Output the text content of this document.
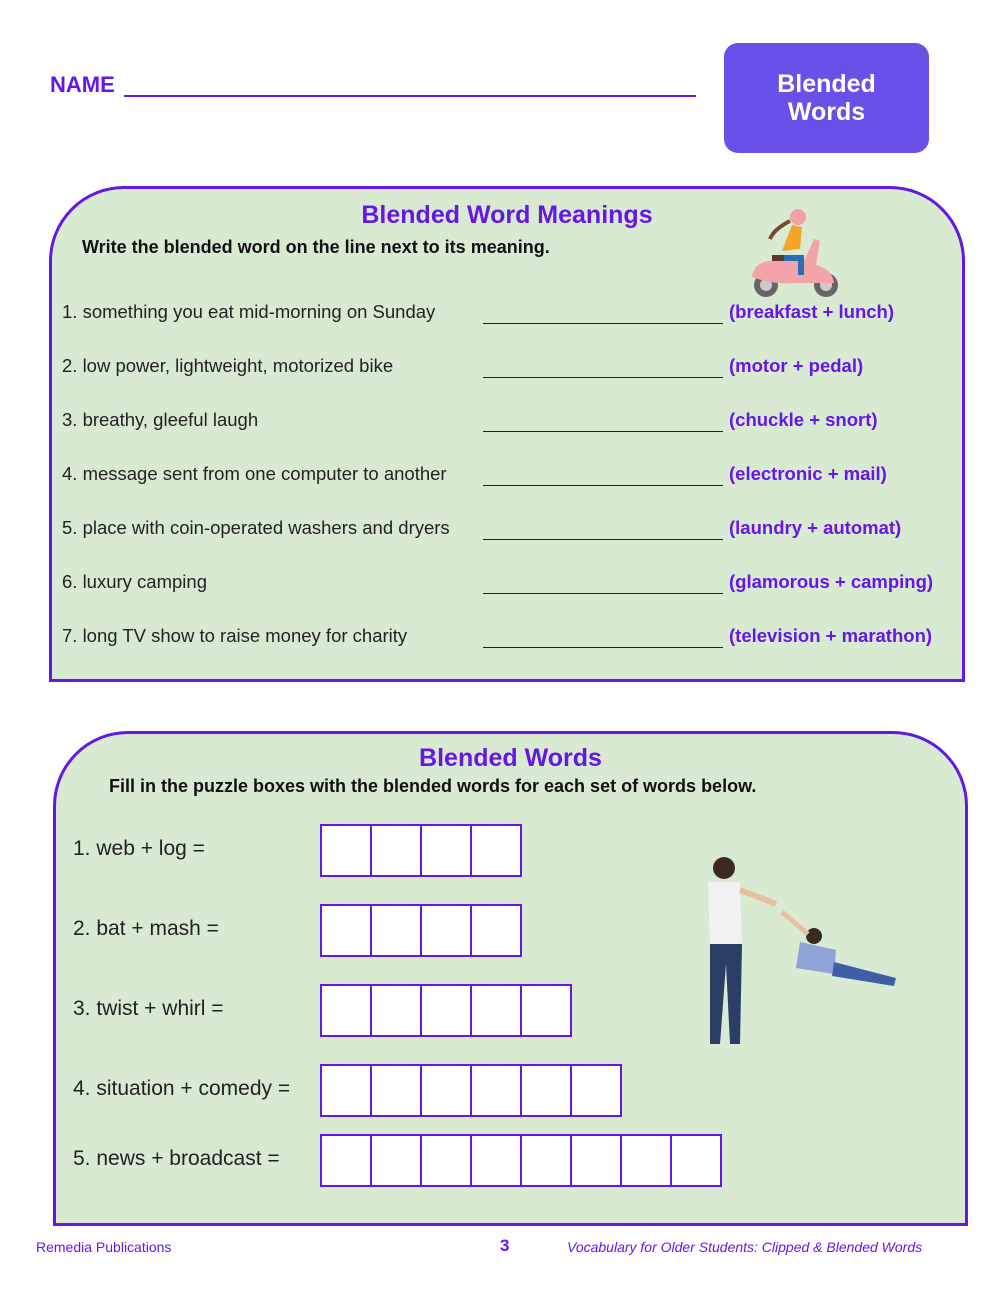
NAME	Blended
Words
Blended Word Meanings
Write the blended word on the line next to its meaning.
1. something you eat mid-morning on Sunday	(breakfast + lunch)
2. low power, lightweight, motorized bike	(motor + pedal)
3. breathy, gleeful laugh	(chuckle + snort)
4. message sent from one computer to another	(electronic + mail)
5. place with coin-operated washers and dryers	(laundry + automat)
6. luxury camping	(glamorous + camping)
7. long TV show to raise money for charity	(television + marathon)
Blended Words
Fill in the puzzle boxes with the blended words for each set of words below.
1. web + log =
2. bat + mash =
3. twist + whirl =
4. situation + comedy =
5. news + broadcast =
Remedia Publications	3	Vocabulary for Older Students: Clipped & Blended Words
